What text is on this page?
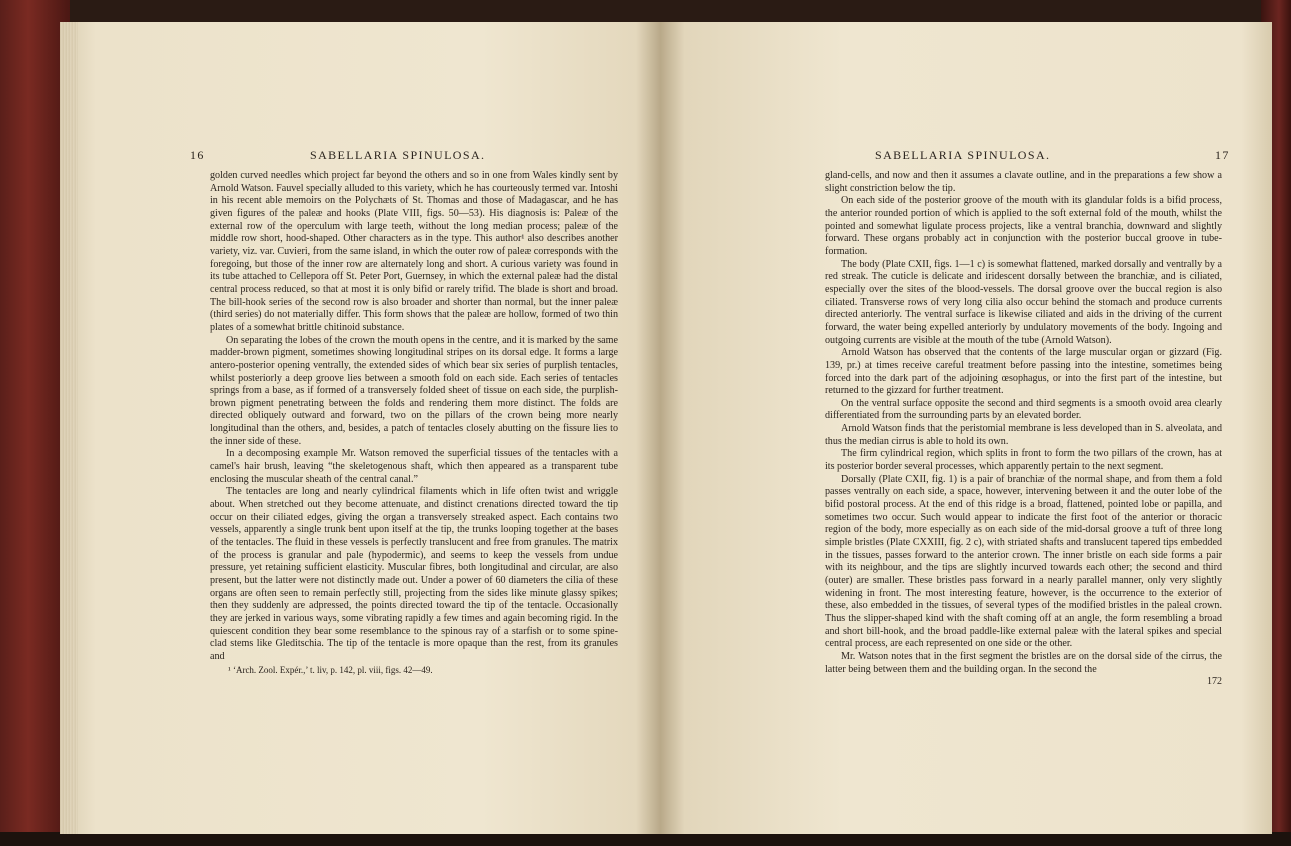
16	SABELLARIA SPINULOSA.

golden curved needles which project far beyond the others and so in one from Wales kindly sent by Arnold Watson. Fauvel specially alluded to this variety, which he has courteously termed var. Intoshi in his recent able memoirs on the Polychæts of St. Thomas and those of Madagascar, and he has given figures of the paleæ and hooks (Plate VIII, figs. 50—53). His diagnosis is: Paleæ of the external row of the operculum with large teeth, without the long median process; paleæ of the middle row short, hood-shaped. Other characters as in the type. This author¹ also describes another variety, viz. var. Cuvieri, from the same island, in which the outer row of paleæ corresponds with the foregoing, but those of the inner row are alternately long and short. A curious variety was found in its tube attached to Cellepora off St. Peter Port, Guernsey, in which the external paleæ had the distal central process reduced, so that at most it is only bifid or rarely trifid. The blade is short and broad. The bill-hook series of the second row is also broader and shorter than normal, but the inner paleæ (third series) do not materially differ. This form shows that the paleæ are hollow, formed of two thin plates of a somewhat brittle chitinoid substance.

On separating the lobes of the crown the mouth opens in the centre, and it is marked by the same madder-brown pigment, sometimes showing longitudinal stripes on its dorsal edge. It forms a large antero-posterior opening ventrally, the extended sides of which bear six series of purplish tentacles, whilst posteriorly a deep groove lies between a smooth fold on each side. Each series of tentacles springs from a base, as if formed of a transversely folded sheet of tissue on each side, the purplish-brown pigment penetrating between the folds and rendering them more distinct. The folds are directed obliquely outward and forward, two on the pillars of the crown being more nearly longitudinal than the others, and, besides, a patch of tentacles closely abutting on the fissure lies to the inner side of these.

In a decomposing example Mr. Watson removed the superficial tissues of the tentacles with a camel's hair brush, leaving “the skeletogenous shaft, which then appeared as a transparent tube enclosing the muscular sheath of the central canal.”

The tentacles are long and nearly cylindrical filaments which in life often twist and wriggle about. When stretched out they become attenuate, and distinct crenations directed toward the tip occur on their ciliated edges, giving the organ a transversely streaked aspect. Each contains two vessels, apparently a single trunk bent upon itself at the tip, the trunks looping together at the bases of the tentacles. The fluid in these vessels is perfectly translucent and free from granules. The matrix of the process is granular and pale (hypodermic), and seems to keep the vessels from undue pressure, yet retaining sufficient elasticity. Muscular fibres, both longitudinal and circular, are also present, but the latter were not distinctly made out. Under a power of 60 diameters the cilia of these organs are often seen to remain perfectly still, projecting from the sides like minute glassy spikes; then they suddenly are adpressed, the points directed toward the tip of the tentacle. Occasionally they are jerked in various ways, some vibrating rapidly a few times and again becoming rigid. In the quiescent condition they bear some resemblance to the spinous ray of a starfish or to some spine-clad stems like Gleditschia. The tip of the tentacle is more opaque than the rest, from its granules and

¹ ‘Arch. Zool. Expér.,’ t. liv, p. 142, pl. viii, figs. 42—49.

SABELLARIA SPINULOSA.	17

gland-cells, and now and then it assumes a clavate outline, and in the preparations a few show a slight constriction below the tip.

On each side of the posterior groove of the mouth with its glandular folds is a bifid process, the anterior rounded portion of which is applied to the soft external fold of the mouth, whilst the pointed and somewhat ligulate process projects, like a ventral branchia, downward and slightly forward. These organs probably act in conjunction with the posterior buccal groove in tube-formation.

The body (Plate CXII, figs. 1—1 c) is somewhat flattened, marked dorsally and ventrally by a red streak. The cuticle is delicate and iridescent dorsally between the branchiæ, and is ciliated, especially over the sites of the blood-vessels. The dorsal groove over the buccal region is also ciliated. Transverse rows of very long cilia also occur behind the stomach and produce currents directed anteriorly. The ventral surface is likewise ciliated and aids in the driving of the current forward, the water being expelled anteriorly by undulatory movements of the body. Ingoing and outgoing currents are visible at the mouth of the tube (Arnold Watson).

Arnold Watson has observed that the contents of the large muscular organ or gizzard (Fig. 139, pr.) at times receive careful treatment before passing into the intestine, sometimes being forced into the dark part of the adjoining œsophagus, or into the first part of the intestine, but returned to the gizzard for further treatment.

On the ventral surface opposite the second and third segments is a smooth ovoid area clearly differentiated from the surrounding parts by an elevated border.

Arnold Watson finds that the peristomial membrane is less developed than in S. alveolata, and thus the median cirrus is able to hold its own.

The firm cylindrical region, which splits in front to form the two pillars of the crown, has at its posterior border several processes, which apparently pertain to the next segment.

Dorsally (Plate CXII, fig. 1) is a pair of branchiæ of the normal shape, and from them a fold passes ventrally on each side, a space, however, intervening between it and the outer lobe of the bifid postoral process. At the end of this ridge is a broad, flattened, pointed lobe or papilla, and sometimes two occur. Such would appear to indicate the first foot of the anterior or thoracic region of the body, more especially as on each side of the mid-dorsal groove a tuft of three long simple bristles (Plate CXXIII, fig. 2 c), with striated shafts and translucent tapered tips embedded in the tissues, passes forward to the anterior crown. The inner bristle on each side forms a pair with its neighbour, and the tips are slightly incurved towards each other; the second and third (outer) are smaller. These bristles pass forward in a nearly parallel manner, only very slightly widening in front. The most interesting feature, however, is the occurrence to the exterior of these, also embedded in the tissues, of several types of the modified bristles in the paleal crown. Thus the slipper-shaped kind with the shaft coming off at an angle, the form resembling a broad and short bill-hook, and the broad paddle-like external paleæ with the lateral spikes and special central process, are each represented on one side or the other.

Mr. Watson notes that in the first segment the bristles are on the dorsal side of the cirrus, the latter being between them and the building organ. In the second the

172
